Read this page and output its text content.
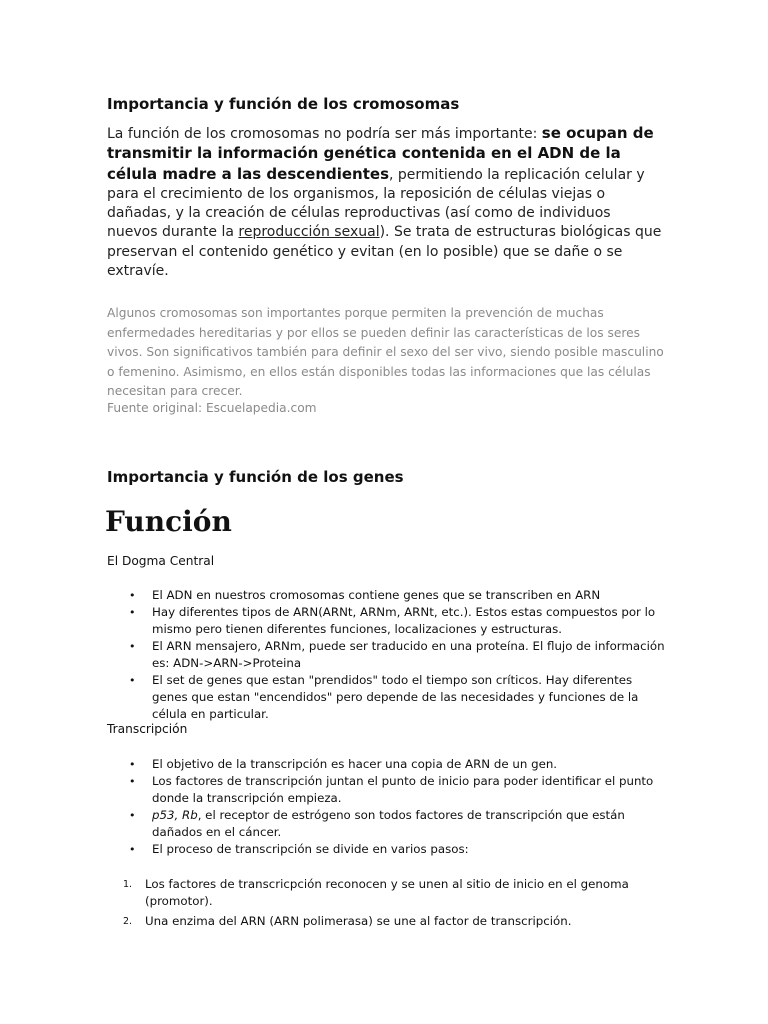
Importancia y función de los cromosomas

La función de los cromosomas no podría ser más importante: se ocupan de transmitir la información genética contenida en el ADN de la célula madre a las descendientes, permitiendo la replicación celular y para el crecimiento de los organismos, la reposición de células viejas o dañadas, y la creación de células reproductivas (así como de individuos nuevos durante la reproducción sexual). Se trata de estructuras biológicas que preservan el contenido genético y evitan (en lo posible) que se dañe o se extravíe.

Algunos cromosomas son importantes porque permiten la prevención de muchas enfermedades hereditarias y por ellos se pueden definir las características de los seres vivos. Son significativos también para definir el sexo del ser vivo, siendo posible masculino o femenino. Asimismo, en ellos están disponibles todas las informaciones que las células necesitan para crecer.

Fuente original: Escuelapedia.com

Importancia y función de los genes
Función

El Dogma Central

• El ADN en nuestros cromosomas contiene genes que se transcriben en ARN
• Hay diferentes tipos de ARN(ARNt, ARNm, ARNt, etc.). Estos estas compuestos por lo mismo pero tienen diferentes funciones, localizaciones y estructuras.
• El ARN mensajero, ARNm, puede ser traducido en una proteína. El flujo de información es: ADN->ARN->Proteina
• El set de genes que estan "prendidos" todo el tiempo son críticos. Hay diferentes genes que estan "encendidos" pero depende de las necesidades y funciones de la célula en particular.

Transcripción

• El objetivo de la transcripción es hacer una copia de ARN de un gen.
• Los factores de transcripción juntan el punto de inicio para poder identificar el punto donde la transcripción empieza.
• p53, Rb, el receptor de estrógeno son todos factores de transcripción que están dañados en el cáncer.
• El proceso de transcripción se divide en varios pasos:
1. Los factores de transcricpción reconocen y se unen al sitio de inicio en el genoma (promotor).
2. Una enzima del ARN (ARN polimerasa) se une al factor de transcripción.
